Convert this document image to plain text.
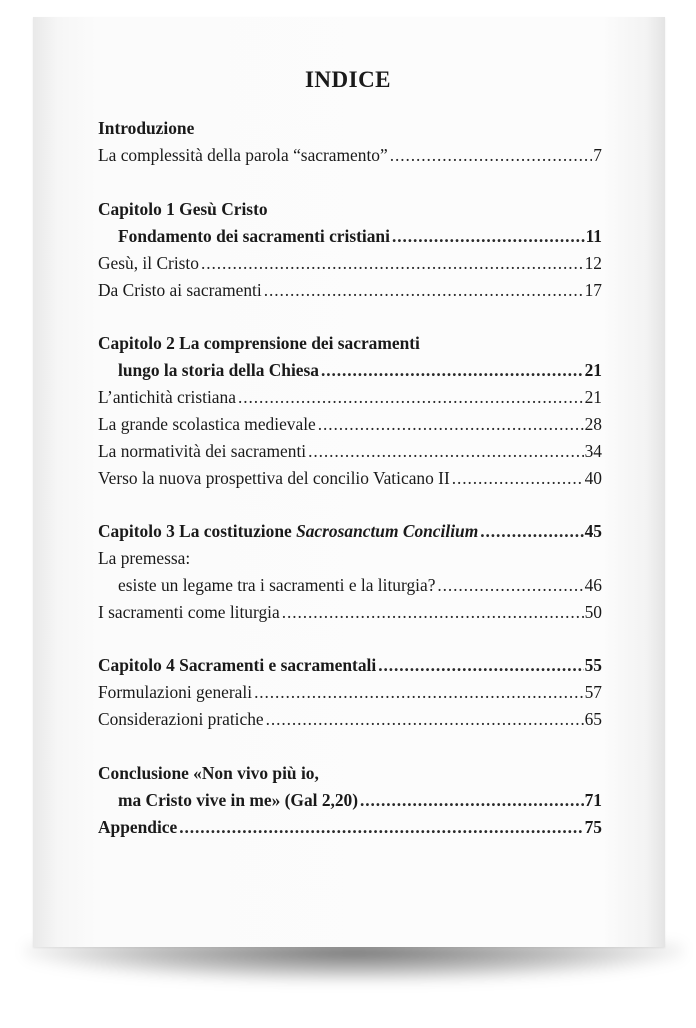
INDICE
Introduzione
La complessità della parola “sacramento” .....	7
Capitolo 1 Gesù Cristo
Fondamento dei sacramenti cristiani .....	11
Gesù, il Cristo .....	12
Da Cristo ai sacramenti .....	17
Capitolo 2 La comprensione dei sacramenti
lungo la storia della Chiesa .....	21
L’antichità cristiana .....	21
La grande scolastica medievale .....	28
La normatività dei sacramenti .....	34
Verso la nuova prospettiva del concilio Vaticano II .....	40
Capitolo 3 La costituzione Sacrosanctum Concilium .....	45
La premessa:
esiste un legame tra i sacramenti e la liturgia? .....	46
I sacramenti come liturgia .....	50
Capitolo 4 Sacramenti e sacramentali .....	55
Formulazioni generali .....	57
Considerazioni pratiche .....	65
Conclusione «Non vivo più io,
ma Cristo vive in me» (Gal 2,20) .....	71
Appendice .....	75
